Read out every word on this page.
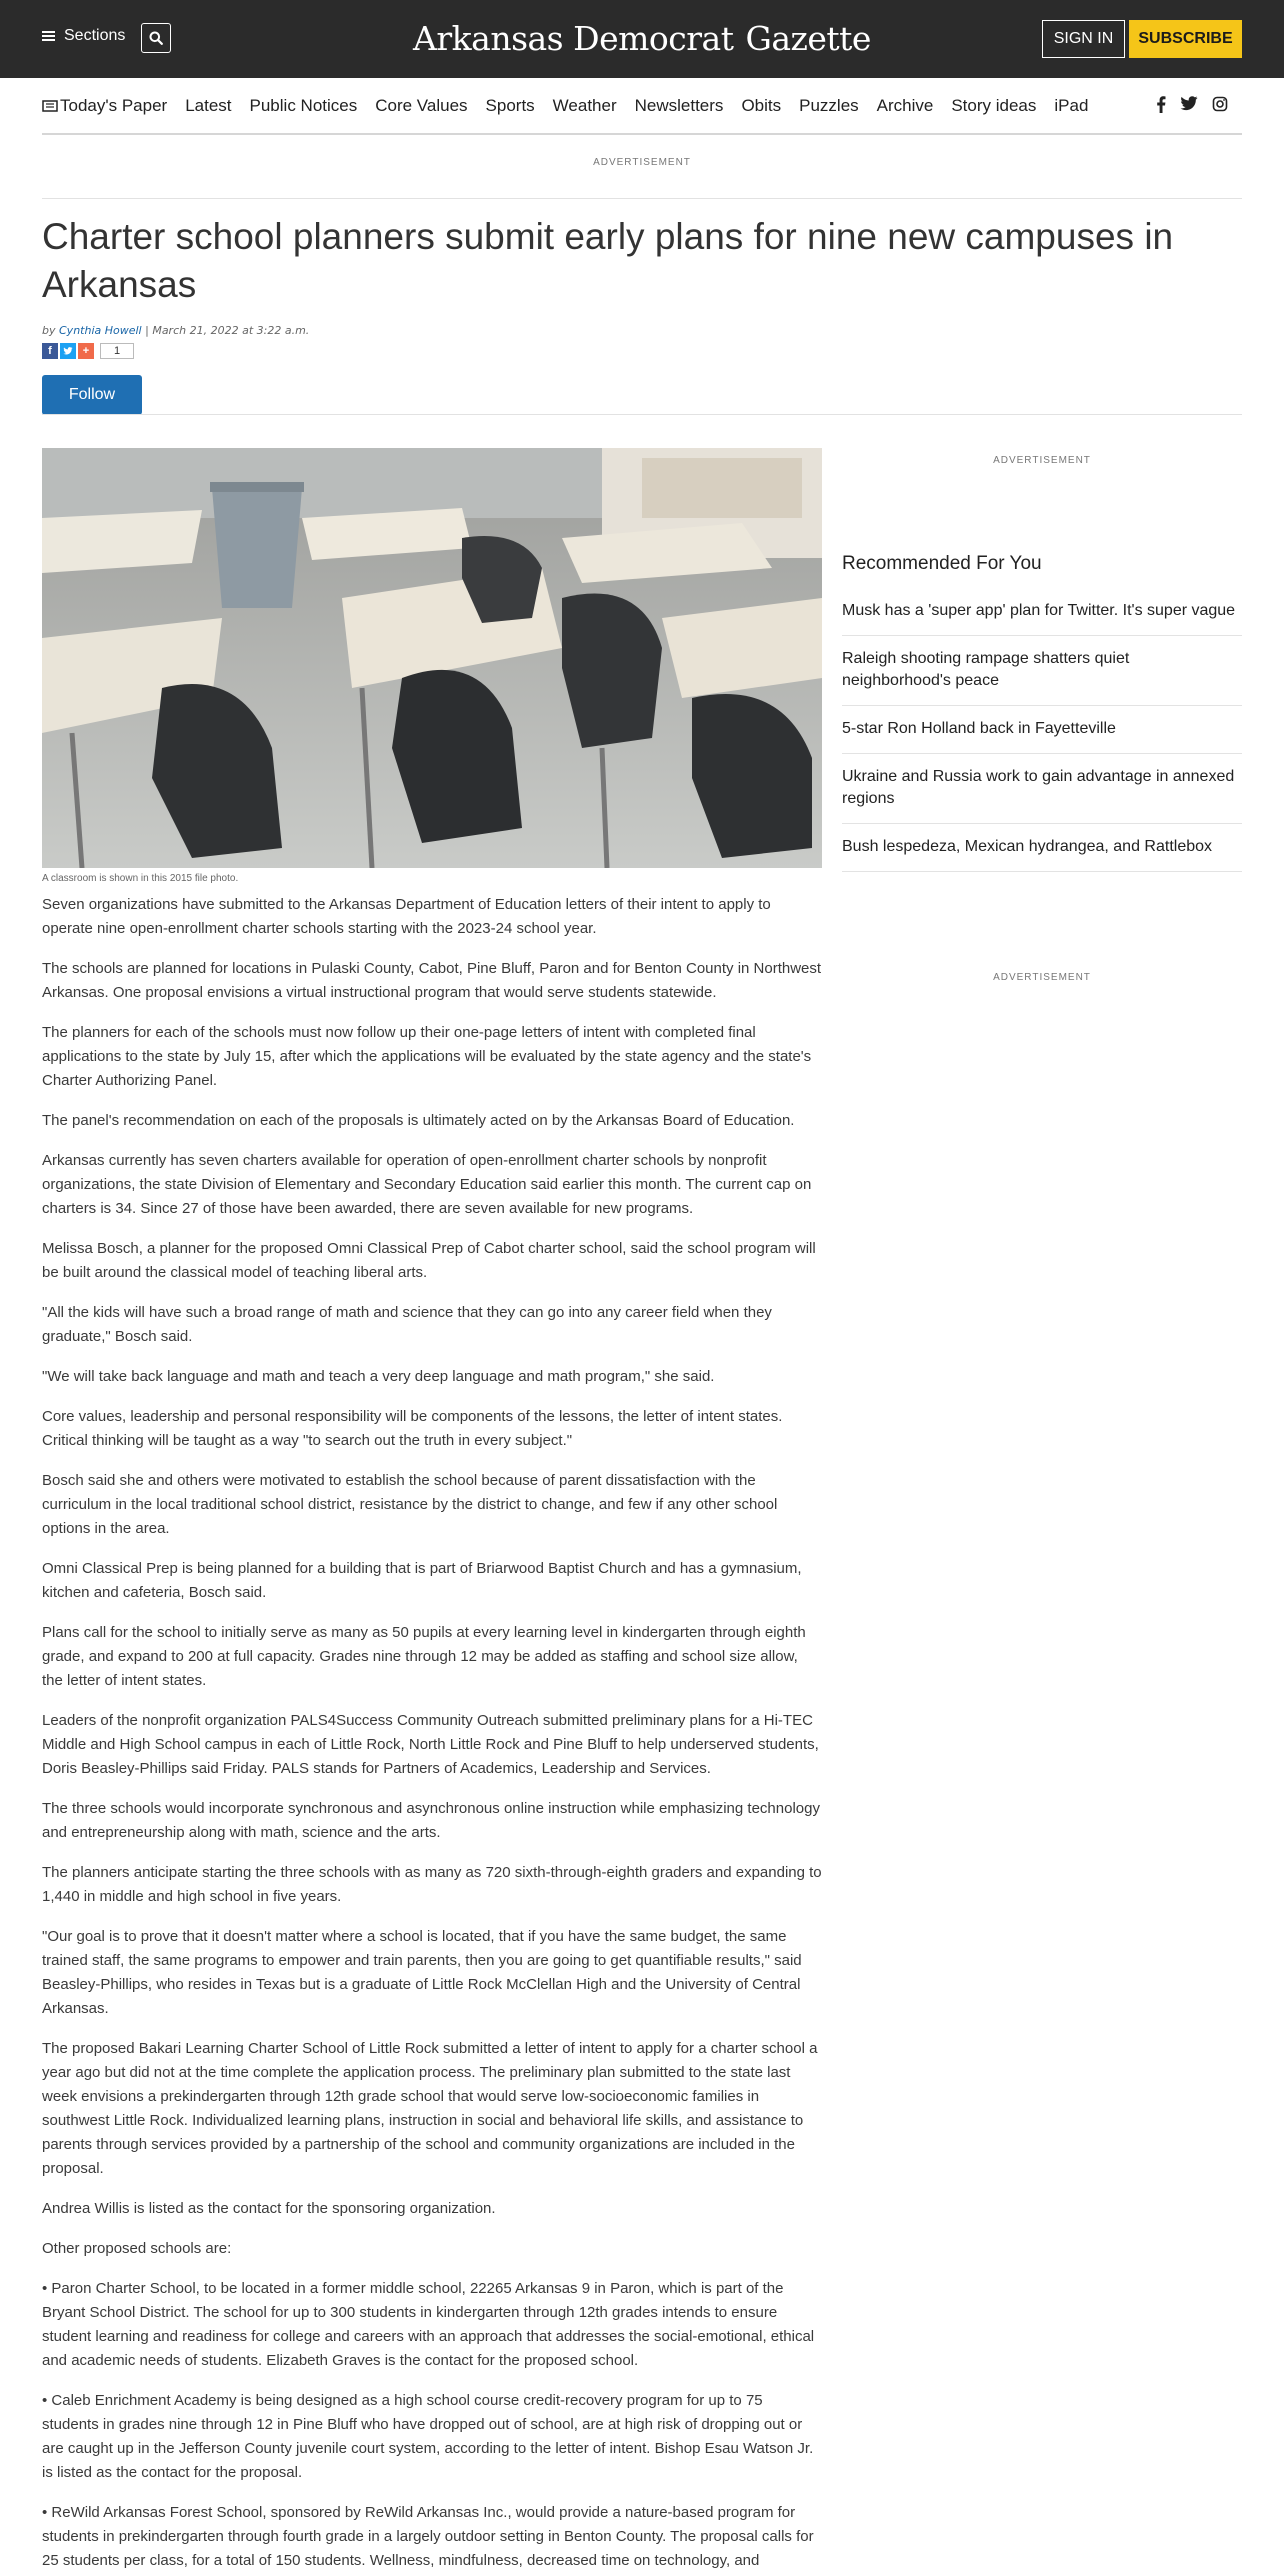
Sections	Arkansas Democrat Gazette	SIGN IN	SUBSCRIBE
Today's Paper Latest Public Notices Core Values Sports Weather Newsletters Obits Puzzles Archive Story ideas iPad
ADVERTISEMENT
Charter school planners submit early plans for nine new campuses in Arkansas
by Cynthia Howell | March 21, 2022 at 3:22 a.m.
f	+	1
Follow
A classroom is shown in this 2015 file photo.

Seven organizations have submitted to the Arkansas Department of Education letters of their intent to apply to operate nine open-enrollment charter schools starting with the 2023-24 school year.

The schools are planned for locations in Pulaski County, Cabot, Pine Bluff, Paron and for Benton County in Northwest Arkansas. One proposal envisions a virtual instructional program that would serve students statewide.

The planners for each of the schools must now follow up their one-page letters of intent with completed final applications to the state by July 15, after which the applications will be evaluated by the state agency and the state's Charter Authorizing Panel.

The panel's recommendation on each of the proposals is ultimately acted on by the Arkansas Board of Education.

Arkansas currently has seven charters available for operation of open-enrollment charter schools by nonprofit organizations, the state Division of Elementary and Secondary Education said earlier this month. The current cap on charters is 34. Since 27 of those have been awarded, there are seven available for new programs.

Melissa Bosch, a planner for the proposed Omni Classical Prep of Cabot charter school, said the school program will be built around the classical model of teaching liberal arts.

"All the kids will have such a broad range of math and science that they can go into any career field when they graduate," Bosch said.

"We will take back language and math and teach a very deep language and math program," she said.

Core values, leadership and personal responsibility will be components of the lessons, the letter of intent states. Critical thinking will be taught as a way "to search out the truth in every subject."

Bosch said she and others were motivated to establish the school because of parent dissatisfaction with the curriculum in the local traditional school district, resistance by the district to change, and few if any other school options in the area.

Omni Classical Prep is being planned for a building that is part of Briarwood Baptist Church and has a gymnasium, kitchen and cafeteria, Bosch said.

Plans call for the school to initially serve as many as 50 pupils at every learning level in kindergarten through eighth grade, and expand to 200 at full capacity. Grades nine through 12 may be added as staffing and school size allow, the letter of intent states.

Leaders of the nonprofit organization PALS4Success Community Outreach submitted preliminary plans for a Hi-TEC Middle and High School campus in each of Little Rock, North Little Rock and Pine Bluff to help underserved students, Doris Beasley-Phillips said Friday. PALS stands for Partners of Academics, Leadership and Services.

The three schools would incorporate synchronous and asynchronous online instruction while emphasizing technology and entrepreneurship along with math, science and the arts.

The planners anticipate starting the three schools with as many as 720 sixth-through-eighth graders and expanding to 1,440 in middle and high school in five years.

"Our goal is to prove that it doesn't matter where a school is located, that if you have the same budget, the same trained staff, the same programs to empower and train parents, then you are going to get quantifiable results," said Beasley-Phillips, who resides in Texas but is a graduate of Little Rock McClellan High and the University of Central Arkansas.

The proposed Bakari Learning Charter School of Little Rock submitted a letter of intent to apply for a charter school a year ago but did not at the time complete the application process. The preliminary plan submitted to the state last week envisions a prekindergarten through 12th grade school that would serve low-socioeconomic families in southwest Little Rock. Individualized learning plans, instruction in social and behavioral life skills, and assistance to parents through services provided by a partnership of the school and community organizations are included in the proposal.

Andrea Willis is listed as the contact for the sponsoring organization.

Other proposed schools are:

• Paron Charter School, to be located in a former middle school, 22265 Arkansas 9 in Paron, which is part of the Bryant School District. The school for up to 300 students in kindergarten through 12th grades intends to ensure student learning and readiness for college and careers with an approach that addresses the social-emotional, ethical and academic needs of students. Elizabeth Graves is the contact for the proposed school.

• Caleb Enrichment Academy is being designed as a high school course credit-recovery program for up to 75 students in grades nine through 12 in Pine Bluff who have dropped out of school, are at high risk of dropping out or are caught up in the Jefferson County juvenile court system, according to the letter of intent. Bishop Esau Watson Jr. is listed as the contact for the proposal.

• ReWild Arkansas Forest School, sponsored by ReWild Arkansas Inc., would provide a nature-based program for students in prekindergarten through fourth grade in a largely outdoor setting in Benton County. The proposal calls for 25 students per class, for a total of 150 students. Wellness, mindfulness, decreased time on technology, and

ADVERTISEMENT
Recommended For You
Musk has a 'super app' plan for Twitter. It's super vague
Raleigh shooting rampage shatters quiet neighborhood's peace
5-star Ron Holland back in Fayetteville
Ukraine and Russia work to gain advantage in annexed regions
Bush lespedeza, Mexican hydrangea, and Rattlebox
ADVERTISEMENT
